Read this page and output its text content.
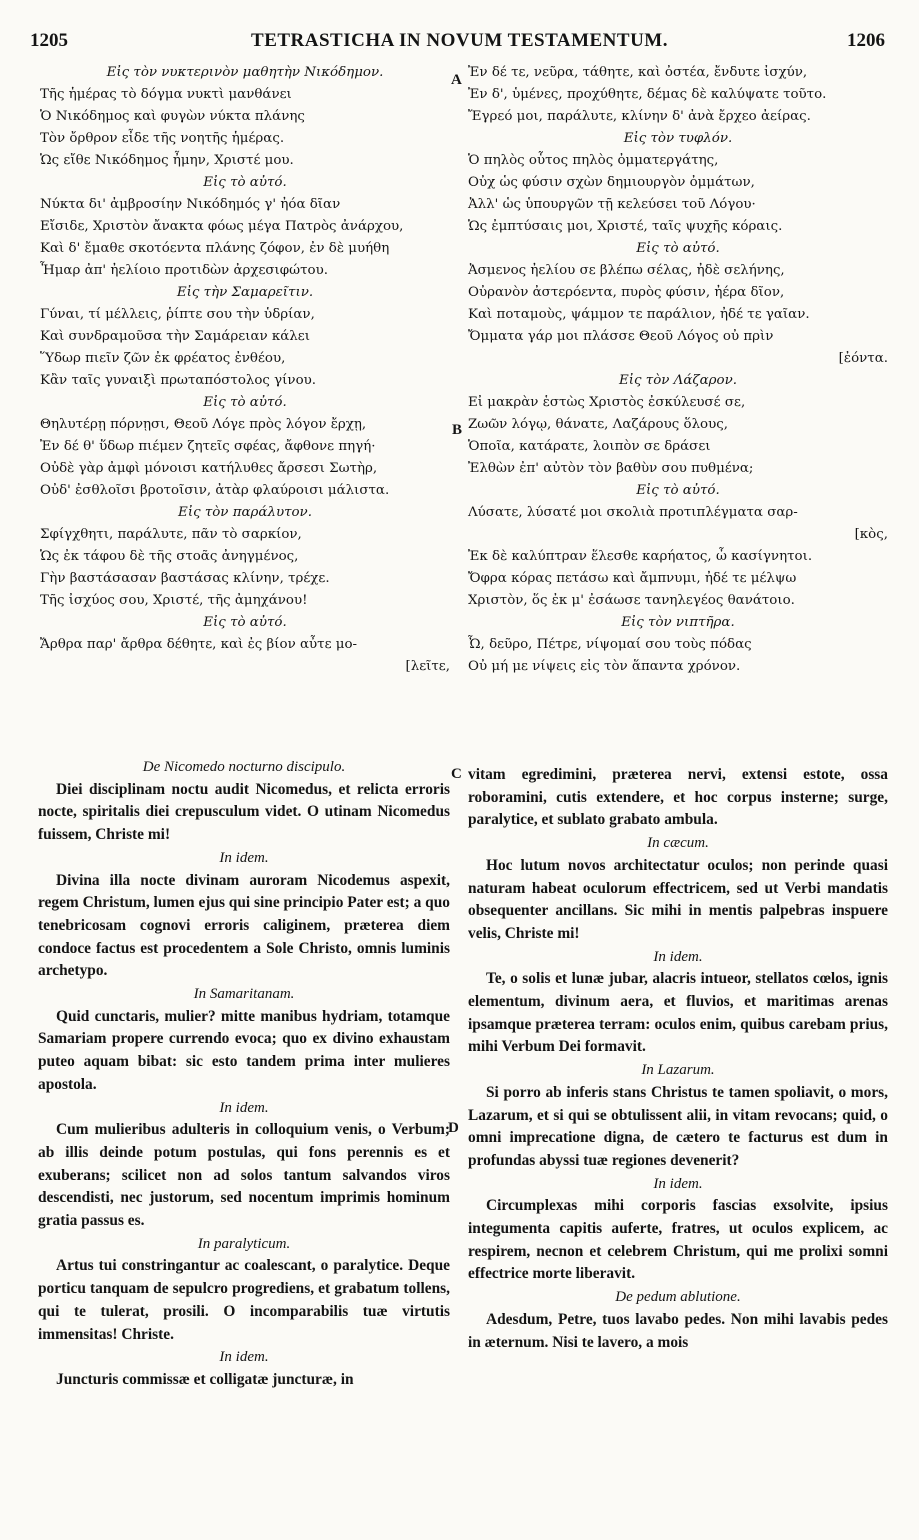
1205	TETRASTICHA IN NOVUM TESTAMENTUM.	1206
A
B
C
D
Εἰς τὸν νυκτερινὸν μαθητὴν Νικόδημον.
Τῆς ἡμέρας τὸ δόγμα νυκτὶ μανθάνει
Ὁ Νικόδημος καὶ φυγὼν νύκτα πλάνης
Τὸν ὄρθρον εἶδε τῆς νοητῆς ἡμέρας.
Ὡς εἴθε Νικόδημος ἦμην, Χριστέ μου.
Εἰς τὸ αὐτό.
Νύκτα δι' ἀμβροσίην Νικόδημός γ' ἠόα δῖαν
Εἴσιδε, Χριστὸν ἄνακτα φόως μέγα Πατρὸς ἀνάρχου,
Καὶ δ' ἔμαθε σκοτόεντα πλάνης ζόφον, ἐν δὲ μυήθη
Ἦμαρ ἀπ' ἠελίοιο προτιδὼν ἀρχεσιφώτου.
Εἰς τὴν Σαμαρεῖτιν.
Γύναι, τί μέλλεις, ῥίπτε σου τὴν ὑδρίαν,
Καὶ συνδραμοῦσα τὴν Σαμάρειαν κάλει
Ὕδωρ πιεῖν ζῶν ἐκ φρέατος ἐνθέου,
Κἂν ταῖς γυναιξὶ πρωταπόστολος γίνου.
Εἰς τὸ αὐτό.
Θηλυτέρῃ πόρνῃσι, Θεοῦ Λόγε πρὸς λόγον ἔρχῃ,
Ἐν δέ θ' ὕδωρ πιέμεν ζητεῖς σφέας, ἄφθονε πηγή·
Οὐδὲ γὰρ ἀμφὶ μόνοισι κατήλυθες ἄρσεσι Σωτὴρ,
Οὐδ' ἐσθλοῖσι βροτοῖσιν, ἀτὰρ φλαύροισι μάλιστα.
Εἰς τὸν παράλυτον.
Σφίγχθητι, παράλυτε, πᾶν τὸ σαρκίον,
Ὡς ἐκ τάφου δὲ τῆς στοᾶς ἀνηγμένος,
Γὴν βαστάσασαν βαστάσας κλίνην, τρέχε.
Τῆς ἰσχύος σου, Χριστέ, τῆς ἀμηχάνου!
Εἰς τὸ αὐτό.
Ἄρθρα παρ' ἄρθρα δέθητε, καὶ ἐς βίον αὖτε μο-
[λεῖτε,
Ἐν δέ τε, νεῦρα, τάθητε, καὶ ὀστέα, ἔνδυτε ἰσχύν,
Ἐν δ', ὑμένες, προχύθητε, δέμας δὲ καλύψατε τοῦτο.
Ἔγρεό μοι, παράλυτε, κλίνην δ' ἀνὰ ἔρχεο ἀείρας.
Εἰς τὸν τυφλόν.
Ὁ πηλὸς οὗτος πηλὸς ὀμματεργάτης,
Οὐχ ὡς φύσιν σχὼν δημιουργὸν ὀμμάτων,
Ἀλλ' ὡς ὑπουργῶν τῇ κελεύσει τοῦ Λόγου·
Ὡς ἐμπτύσαις μοι, Χριστέ, ταῖς ψυχῆς κόραις.
Εἰς τὸ αὐτό.
Ἀσμενος ἠελίου σε βλέπω σέλας, ἠδὲ σελήνης,
Οὐρανὸν ἀστερόεντα, πυρὸς φύσιν, ἠέρα δῖον,
Καὶ ποταμοὺς, ψάμμον τε παράλιον, ἠδέ τε γαῖαν.
Ὄμματα γάρ μοι πλάσσε Θεοῦ Λόγος οὐ πρὶν
[ἐόντα.
Εἰς τὸν Λάζαρον.
Εἰ μακρὰν ἑστὼς Χριστὸς ἐσκύλευσέ σε,
Ζωῶν λόγῳ, θάνατε, Λαζάρους ὅλους,
Ὁποῖα, κατάρατε, λοιπὸν σε δράσει
Ἐλθὼν ἐπ' αὐτὸν τὸν βαθὺν σου πυθμένα;
Εἰς τὸ αὐτό.
Λύσατε, λύσατέ μοι σκολιὰ προτιπλέγματα σαρ-
[κὸς,
Ἐκ δὲ καλύπτραν ἕλεσθε καρήατος, ὦ κασίγνητοι.
Ὄφρα κόρας πετάσω καὶ ἄμπνυμι, ἠδέ τε μέλψω
Χριστὸν, ὅς ἐκ μ' ἐσάωσε τανηλεγέος θανάτοιο.
Εἰς τὸν νιπτῆρα.
Ὦ, δεῦρο, Πέτρε, νίψομαί σου τοὺς πόδας
Οὐ μή με νίψεις εἰς τὸν ἅπαντα χρόνον.
De Nicomedo nocturno discipulo.
Diei disciplinam noctu audit Nicomedus, et relicta erroris nocte, spiritalis diei crepusculum videt. O utinam Nicomedus fuissem, Christe mi!
In idem.
Divina illa nocte divinam auroram Nicodemus aspexit, regem Christum, lumen ejus qui sine principio Pater est; a quo tenebricosam cognovi erroris caliginem, præterea diem condoce factus est procedentem a Sole Christo, omnis luminis archetypo.
In Samaritanam.
Quid cunctaris, mulier? mitte manibus hydriam, totamque Samariam propere currendo evoca; quo ex divino exhaustam puteo aquam bibat: sic esto tandem prima inter mulieres apostola.
In idem.
Cum mulieribus adulteris in colloquium venis, o Verbum; ab illis deinde potum postulas, qui fons perennis es et exuberans; scilicet non ad solos tantum salvandos viros descendisti, nec justorum, sed nocentum imprimis hominum gratia passus es.
In paralyticum.
Artus tui constringantur ac coalescant, o paralytice. Deque porticu tanquam de sepulcro progrediens, et grabatum tollens, qui te tulerat, prosili. O incomparabilis tuæ virtutis immensitas! Christe.
In idem.
Juncturis commissæ et colligatæ juncturæ, in
vitam egredimini, præterea nervi, extensi estote, ossa roboramini, cutis extendere, et hoc corpus insterne; surge, paralytice, et sublato grabato ambula.
In cæcum.
Hoc lutum novos architectatur oculos; non perinde quasi naturam habeat oculorum effectricem, sed ut Verbi mandatis obsequenter ancillans. Sic mihi in mentis palpebras inspuere velis, Christe mi!
In idem.
Te, o solis et lunæ jubar, alacris intueor, stellatos cœlos, ignis elementum, divinum aera, et fluvios, et maritimas arenas ipsamque præterea terram: oculos enim, quibus carebam prius, mihi Verbum Dei formavit.
In Lazarum.
Si porro ab inferis stans Christus te tamen spoliavit, o mors, Lazarum, et si qui se obtulissent alii, in vitam revocans; quid, o omni imprecatione digna, de cætero te facturus est dum in profundas abyssi tuæ regiones devenerit?
In idem.
Circumplexas mihi corporis fascias exsolvite, ipsius integumenta capitis auferte, fratres, ut oculos explicem, ac respirem, necnon et celebrem Christum, qui me prolixi somni effectrice morte liberavit.
De pedum ablutione.
Adesdum, Petre, tuos lavabo pedes. Non mihi lavabis pedes in æternum. Nisi te lavero, a mois
